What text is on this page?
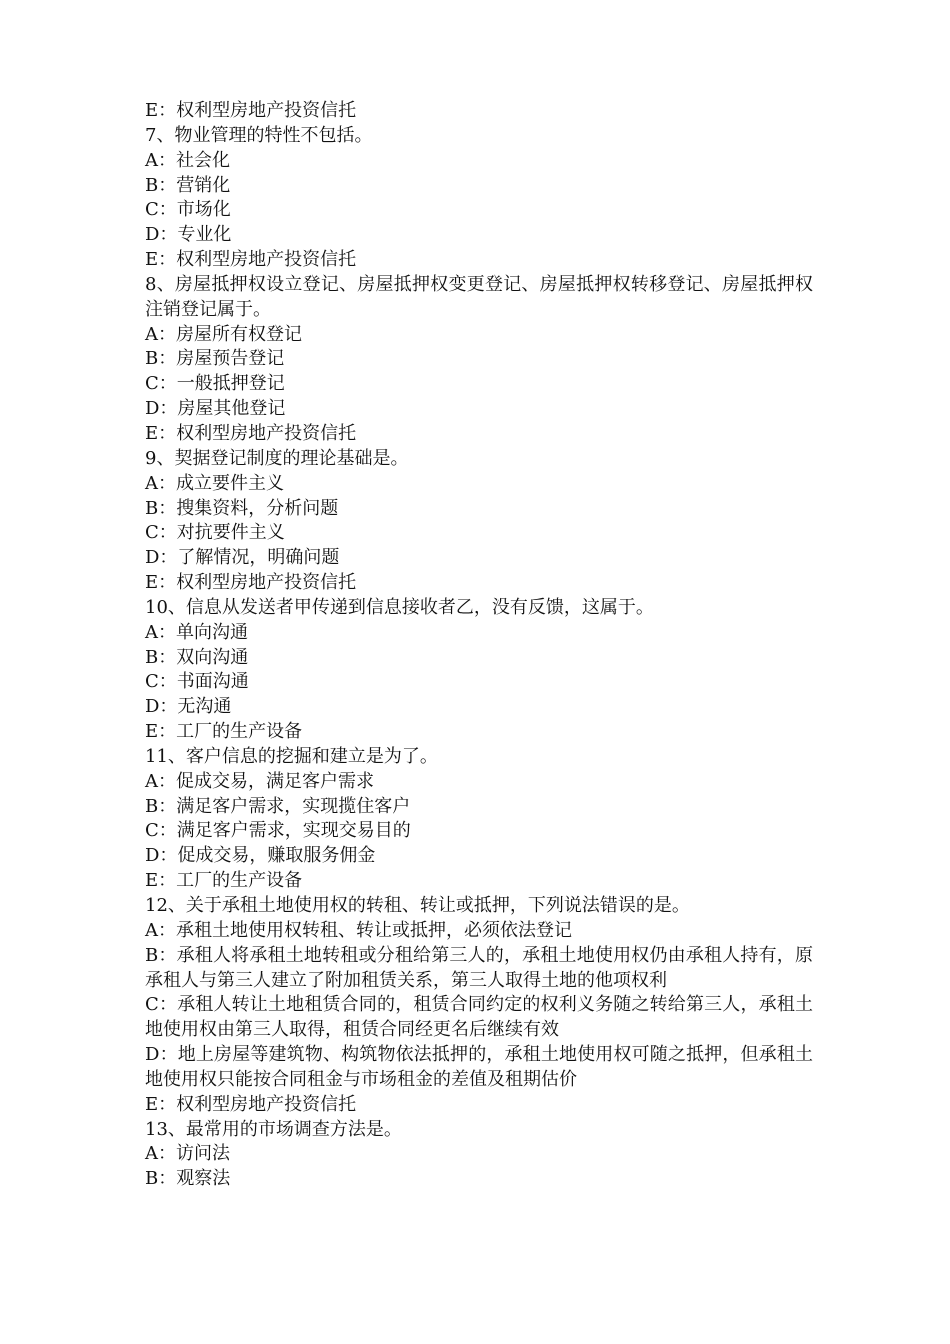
E：权利型房地产投资信托

7、物业管理的特性不包括。

A：社会化

B：营销化

C：市场化

D：专业化

E：权利型房地产投资信托

8、房屋抵押权设立登记、房屋抵押权变更登记、房屋抵押权转移登记、房屋抵押权注销登记属于。

A：房屋所有权登记

B：房屋预告登记

C：一般抵押登记

D：房屋其他登记

E：权利型房地产投资信托

9、契据登记制度的理论基础是。

A：成立要件主义

B：搜集资料，分析问题

C：对抗要件主义

D：了解情况，明确问题

E：权利型房地产投资信托

10、信息从发送者甲传递到信息接收者乙，没有反馈，这属于。

A：单向沟通

B：双向沟通

C：书面沟通

D：无沟通

E：工厂的生产设备

11、客户信息的挖掘和建立是为了。

A：促成交易，满足客户需求

B：满足客户需求，实现揽住客户

C：满足客户需求，实现交易目的

D：促成交易，赚取服务佣金

E：工厂的生产设备

12、关于承租土地使用权的转租、转让或抵押，下列说法错误的是。

A：承租土地使用权转租、转让或抵押，必须依法登记

B：承租人将承租土地转租或分租给第三人的，承租土地使用权仍由承租人持有，原承租人与第三人建立了附加租赁关系，第三人取得土地的他项权利

C：承租人转让土地租赁合同的，租赁合同约定的权利义务随之转给第三人，承租土地使用权由第三人取得，租赁合同经更名后继续有效

D：地上房屋等建筑物、构筑物依法抵押的，承租土地使用权可随之抵押，但承租土地使用权只能按合同租金与市场租金的差值及租期估价

E：权利型房地产投资信托

13、最常用的市场调查方法是。

A：访问法

B：观察法
